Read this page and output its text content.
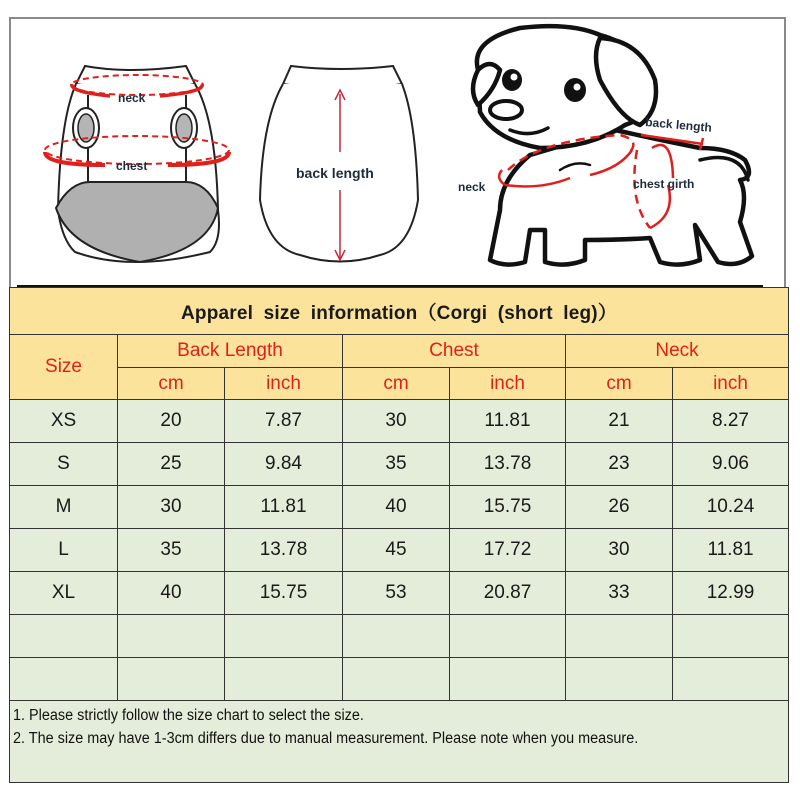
neck
chest	back length
back length
neck	chest girth
Apparel size information（Corgi (short leg)）						
Size	Back Length		Chest		Neck	
	cm	inch	cm	inch	cm	inch
XS	20	7.87	30	11.81	21	8.27
S	25	9.84	35	13.78	23	9.06
M	30	11.81	40	15.75	26	10.24
L	35	13.78	45	17.72	30	11.81
XL	40	15.75	53	20.87	33	12.99

1. Please strictly follow the size chart to select the size.
2. The size may have 1-3cm differs due to manual measurement. Please note when you measure.						
